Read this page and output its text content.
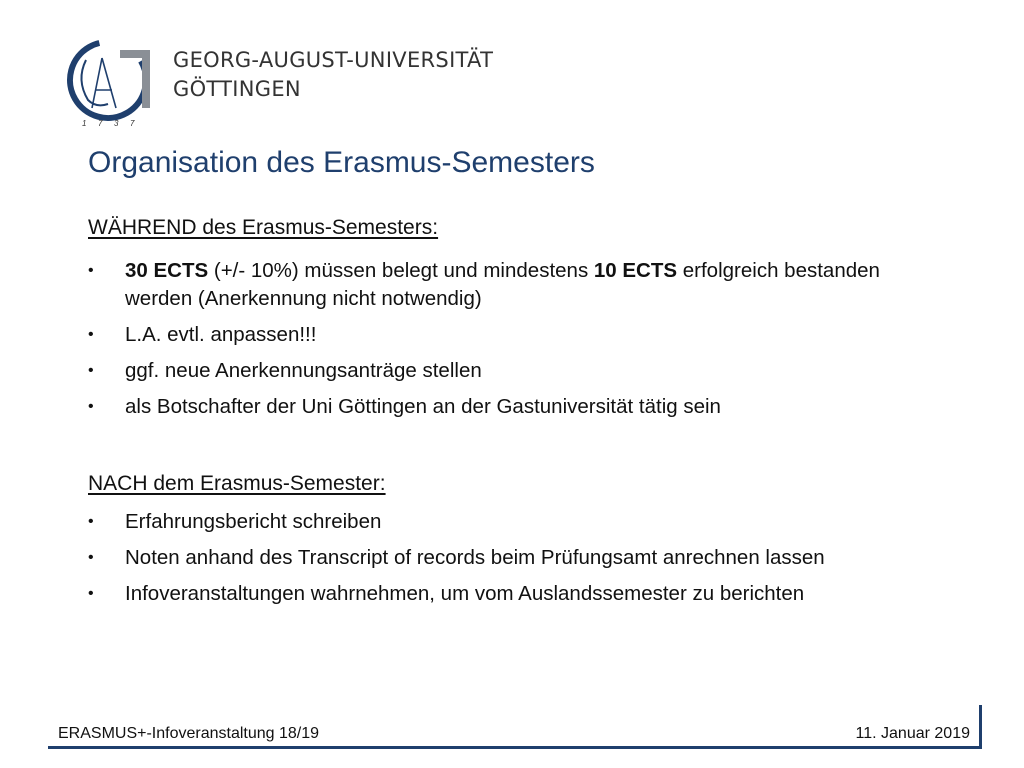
1 7 3 7
GEORG-AUGUST-UNIVERSITÄT
GÖTTINGEN
Organisation des Erasmus-Semesters
WÄHREND des Erasmus-Semesters:
• 30 ECTS (+/- 10%) müssen belegt und mindestens 10 ECTS erfolgreich bestanden werden (Anerkennung nicht notwendig)
• L.A. evtl. anpassen!!!
• ggf. neue Anerkennungsanträge stellen
• als Botschafter der Uni Göttingen an der Gastuniversität tätig sein
NACH dem Erasmus-Semester:
• Erfahrungsbericht schreiben
• Noten anhand des Transcript of records beim Prüfungsamt anrechnen lassen
• Infoveranstaltungen wahrnehmen, um vom Auslandssemester zu berichten
ERASMUS+-Infoveranstaltung 18/19	11. Januar 2019
